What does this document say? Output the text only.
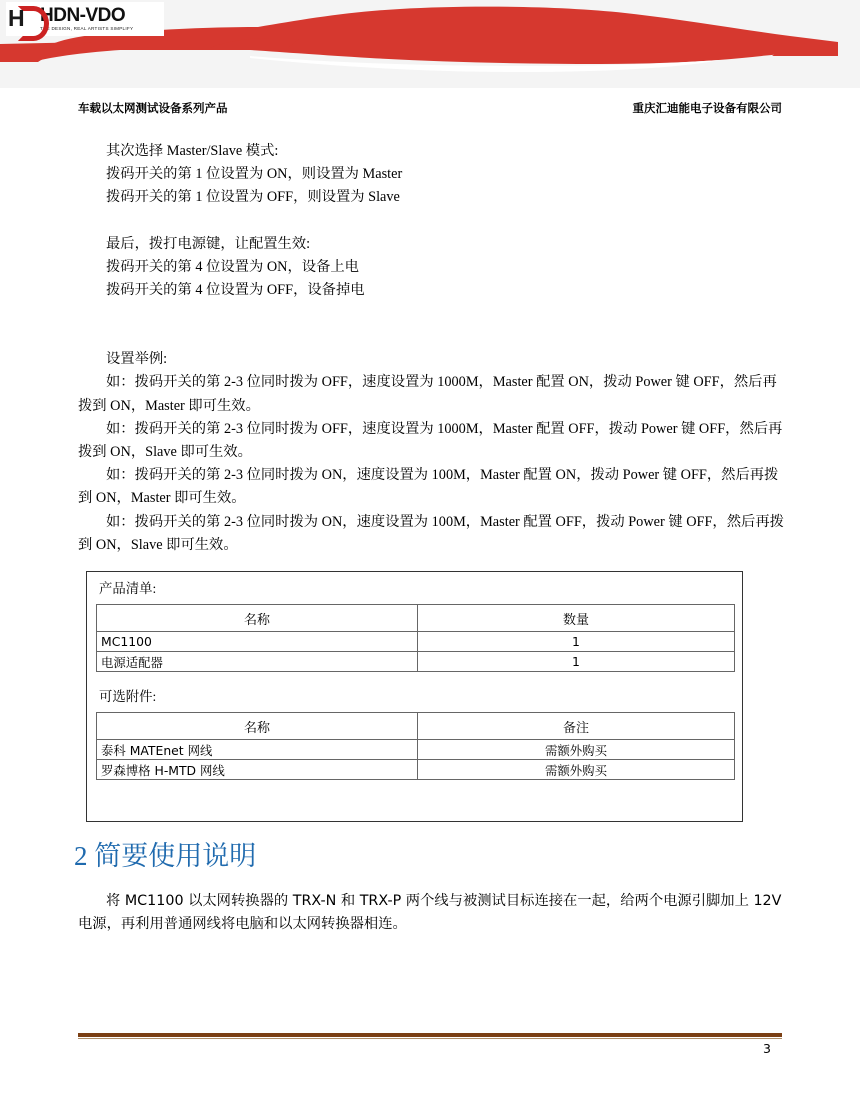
H HDN-VDO
THE DESIGN, REAL ARTISTS SIMPLIFY
车载以太网测试设备系列产品	重庆汇迪能电子设备有限公司

其次选择 Master/Slave 模式:

拨码开关的第 1 位设置为 ON，则设置为 Master

拨码开关的第 1 位设置为 OFF，则设置为 Slave

最后，拨打电源键，让配置生效:

拨码开关的第 4 位设置为 ON，设备上电

拨码开关的第 4 位设置为 OFF，设备掉电

设置举例:

如：拨码开关的第 2-3 位同时拨为 OFF，速度设置为 1000M，Master 配置 ON，拨动 Power 键 OFF，然后再拨到 ON，Master 即可生效。

如：拨码开关的第 2-3 位同时拨为 OFF，速度设置为 1000M，Master 配置 OFF，拨动 Power 键 OFF，然后再拨到 ON，Slave 即可生效。

如：拨码开关的第 2-3 位同时拨为 ON，速度设置为 100M，Master 配置 ON，拨动 Power 键 OFF，然后再拨到 ON，Master 即可生效。

如：拨码开关的第 2-3 位同时拨为 ON，速度设置为 100M，Master 配置 OFF，拨动 Power 键 OFF，然后再拨到 ON，Slave 即可生效。

产品清单:
名称	数量
MC1100	1
电源适配器	1
可选附件:
名称	备注
泰科 MATEnet 网线	需额外购买
罗森博格 H-MTD 网线	需额外购买
2 简要使用说明
将 MC1100 以太网转换器的 TRX-N 和 TRX-P 两个线与被测试目标连接在一起，给两个电源引脚加上 12V 电源，再利用普通网线将电脑和以太网转换器相连。
3
